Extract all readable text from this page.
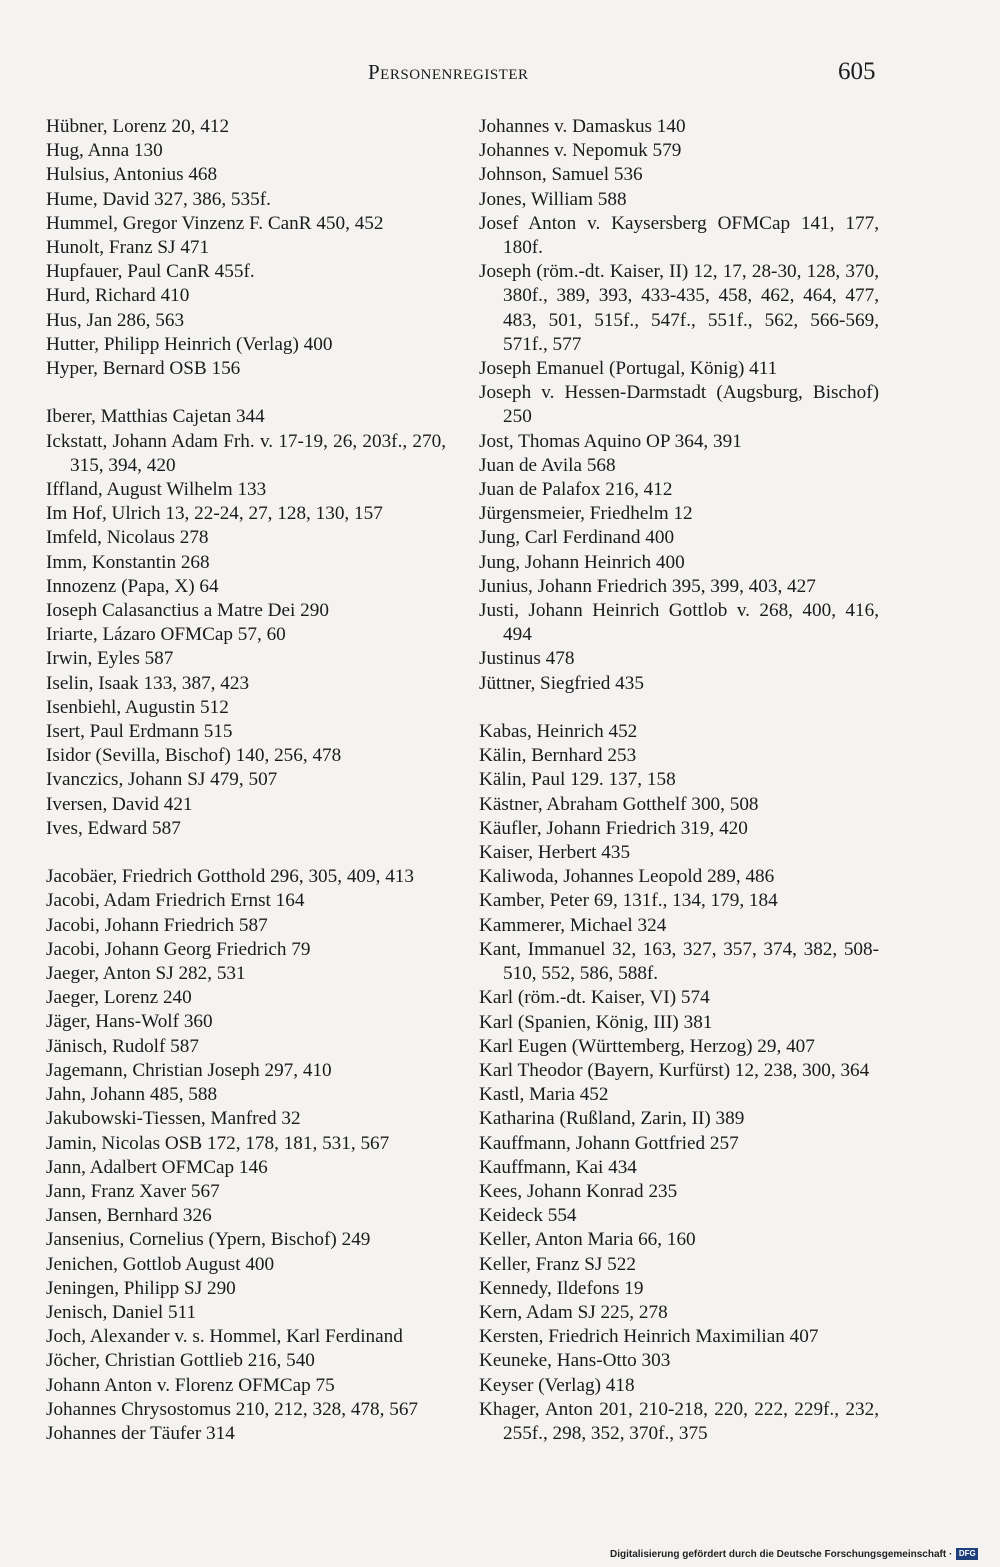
Personenregister	605
Hübner, Lorenz 20, 412
Hug, Anna 130
Hulsius, Antonius 468
Hume, David 327, 386, 535f.
Hummel, Gregor Vinzenz F. CanR 450, 452
Hunolt, Franz SJ 471
Hupfauer, Paul CanR 455f.
Hurd, Richard 410
Hus, Jan 286, 563
Hutter, Philipp Heinrich (Verlag) 400
Hyper, Bernard OSB 156
Iberer, Matthias Cajetan 344
Ickstatt, Johann Adam Frh. v. 17-19, 26, 203f., 270, 315, 394, 420
Iffland, August Wilhelm 133
Im Hof, Ulrich 13, 22-24, 27, 128, 130, 157
Imfeld, Nicolaus 278
Imm, Konstantin 268
Innozenz (Papa, X) 64
Ioseph Calasanctius a Matre Dei 290
Iriarte, Lázaro OFMCap 57, 60
Irwin, Eyles 587
Iselin, Isaak 133, 387, 423
Isenbiehl, Augustin 512
Isert, Paul Erdmann 515
Isidor (Sevilla, Bischof) 140, 256, 478
Ivanczics, Johann SJ 479, 507
Iversen, David 421
Ives, Edward 587
Jacobäer, Friedrich Gotthold 296, 305, 409, 413
Jacobi, Adam Friedrich Ernst 164
Jacobi, Johann Friedrich 587
Jacobi, Johann Georg Friedrich 79
Jaeger, Anton SJ 282, 531
Jaeger, Lorenz 240
Jäger, Hans-Wolf 360
Jänisch, Rudolf 587
Jagemann, Christian Joseph 297, 410
Jahn, Johann 485, 588
Jakubowski-Tiessen, Manfred 32
Jamin, Nicolas OSB 172, 178, 181, 531, 567
Jann, Adalbert OFMCap 146
Jann, Franz Xaver 567
Jansen, Bernhard 326
Jansenius, Cornelius (Ypern, Bischof) 249
Jenichen, Gottlob August 400
Jeningen, Philipp SJ 290
Jenisch, Daniel 511
Joch, Alexander v. s. Hommel, Karl Ferdinand
Jöcher, Christian Gottlieb 216, 540
Johann Anton v. Florenz OFMCap 75
Johannes Chrysostomus 210, 212, 328, 478, 567
Johannes der Täufer 314
Johannes v. Damaskus 140
Johannes v. Nepomuk 579
Johnson, Samuel 536
Jones, William 588
Josef Anton v. Kaysersberg OFMCap 141, 177, 180f.
Joseph (röm.-dt. Kaiser, II) 12, 17, 28-30, 128, 370, 380f., 389, 393, 433-435, 458, 462, 464, 477, 483, 501, 515f., 547f., 551f., 562, 566-569, 571f., 577
Joseph Emanuel (Portugal, König) 411
Joseph v. Hessen-Darmstadt (Augsburg, Bischof) 250
Jost, Thomas Aquino OP 364, 391
Juan de Avila 568
Juan de Palafox 216, 412
Jürgensmeier, Friedhelm 12
Jung, Carl Ferdinand 400
Jung, Johann Heinrich 400
Junius, Johann Friedrich 395, 399, 403, 427
Justi, Johann Heinrich Gottlob v. 268, 400, 416, 494
Justinus 478
Jüttner, Siegfried 435
Kabas, Heinrich 452
Kälin, Bernhard 253
Kälin, Paul 129. 137, 158
Kästner, Abraham Gotthelf 300, 508
Käufler, Johann Friedrich 319, 420
Kaiser, Herbert 435
Kaliwoda, Johannes Leopold 289, 486
Kamber, Peter 69, 131f., 134, 179, 184
Kammerer, Michael 324
Kant, Immanuel 32, 163, 327, 357, 374, 382, 508-510, 552, 586, 588f.
Karl (röm.-dt. Kaiser, VI) 574
Karl (Spanien, König, III) 381
Karl Eugen (Württemberg, Herzog) 29, 407
Karl Theodor (Bayern, Kurfürst) 12, 238, 300, 364
Kastl, Maria 452
Katharina (Rußland, Zarin, II) 389
Kauffmann, Johann Gottfried 257
Kauffmann, Kai 434
Kees, Johann Konrad 235
Keideck 554
Keller, Anton Maria 66, 160
Keller, Franz SJ 522
Kennedy, Ildefons 19
Kern, Adam SJ 225, 278
Kersten, Friedrich Heinrich Maximilian 407
Keuneke, Hans-Otto 303
Keyser (Verlag) 418
Khager, Anton 201, 210-218, 220, 222, 229f., 232, 255f., 298, 352, 370f., 375
Digitalisierung gefördert durch die Deutsche Forschungsgemeinschaft · DFG
